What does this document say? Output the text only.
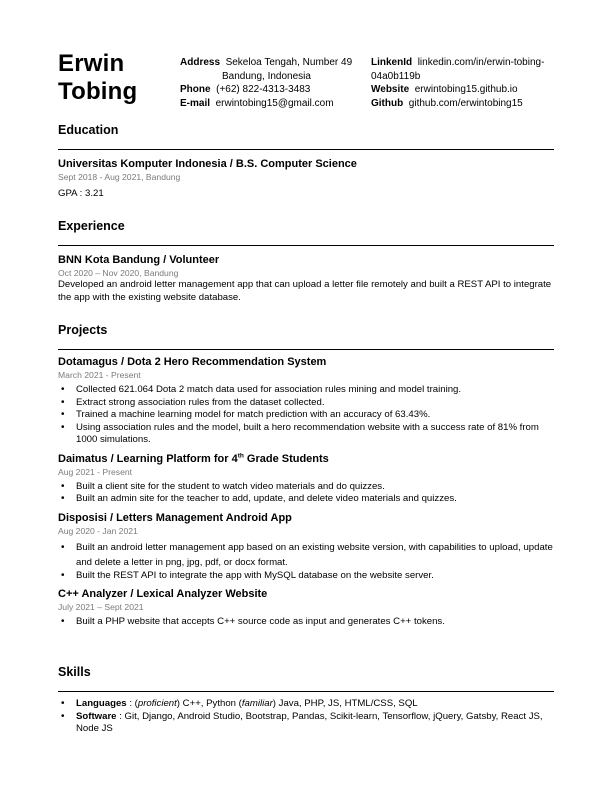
Erwin
Tobing
Address Sekeloa Tengah, Number 49
Bandung, Indonesia
Phone (+62) 822-4313-3483
E-mail erwintobing15@gmail.com
LinkenId linkedin.com/in/erwin-tobing-
04a0b119b
Website erwintobing15.github.io
Github github.com/erwintobing15
Education
Universitas Komputer Indonesia / B.S. Computer Science
Sept 2018 - Aug 2021, Bandung
GPA : 3.21
Experience
BNN Kota Bandung / Volunteer
Oct 2020 – Nov 2020, Bandung
Developed an android letter management app that can upload a letter file remotely and built a REST API to integrate the app with the existing website database.
Projects
Dotamagus / Dota 2 Hero Recommendation System
March 2021 - Present
• Collected 621.064 Dota 2 match data used for association rules mining and model training.
• Extract strong association rules from the dataset collected.
• Trained a machine learning model for match prediction with an accuracy of 63.43%.
• Using association rules and the model, built a hero recommendation website with a success rate of 81% from 1000 simulations.
Daimatus / Learning Platform for 4th Grade Students
Aug 2021 - Present
• Built a client site for the student to watch video materials and do quizzes.
• Built an admin site for the teacher to add, update, and delete video materials and quizzes.
Disposisi / Letters Management Android App
Aug 2020 - Jan 2021
• Built an android letter management app based on an existing website version, with capabilities to upload, update and delete a letter in png, jpg, pdf, or docx format.
• Built the REST API to integrate the app with MySQL database on the website server.
C++ Analyzer / Lexical Analyzer Website
July 2021 – Sept 2021
• Built a PHP website that accepts C++ source code as input and generates C++ tokens.
Skills
• Languages : (proficient) C++, Python (familiar) Java, PHP, JS, HTML/CSS, SQL
• Software : Git, Django, Android Studio, Bootstrap, Pandas, Scikit-learn, Tensorflow, jQuery, Gatsby, React JS, Node JS
